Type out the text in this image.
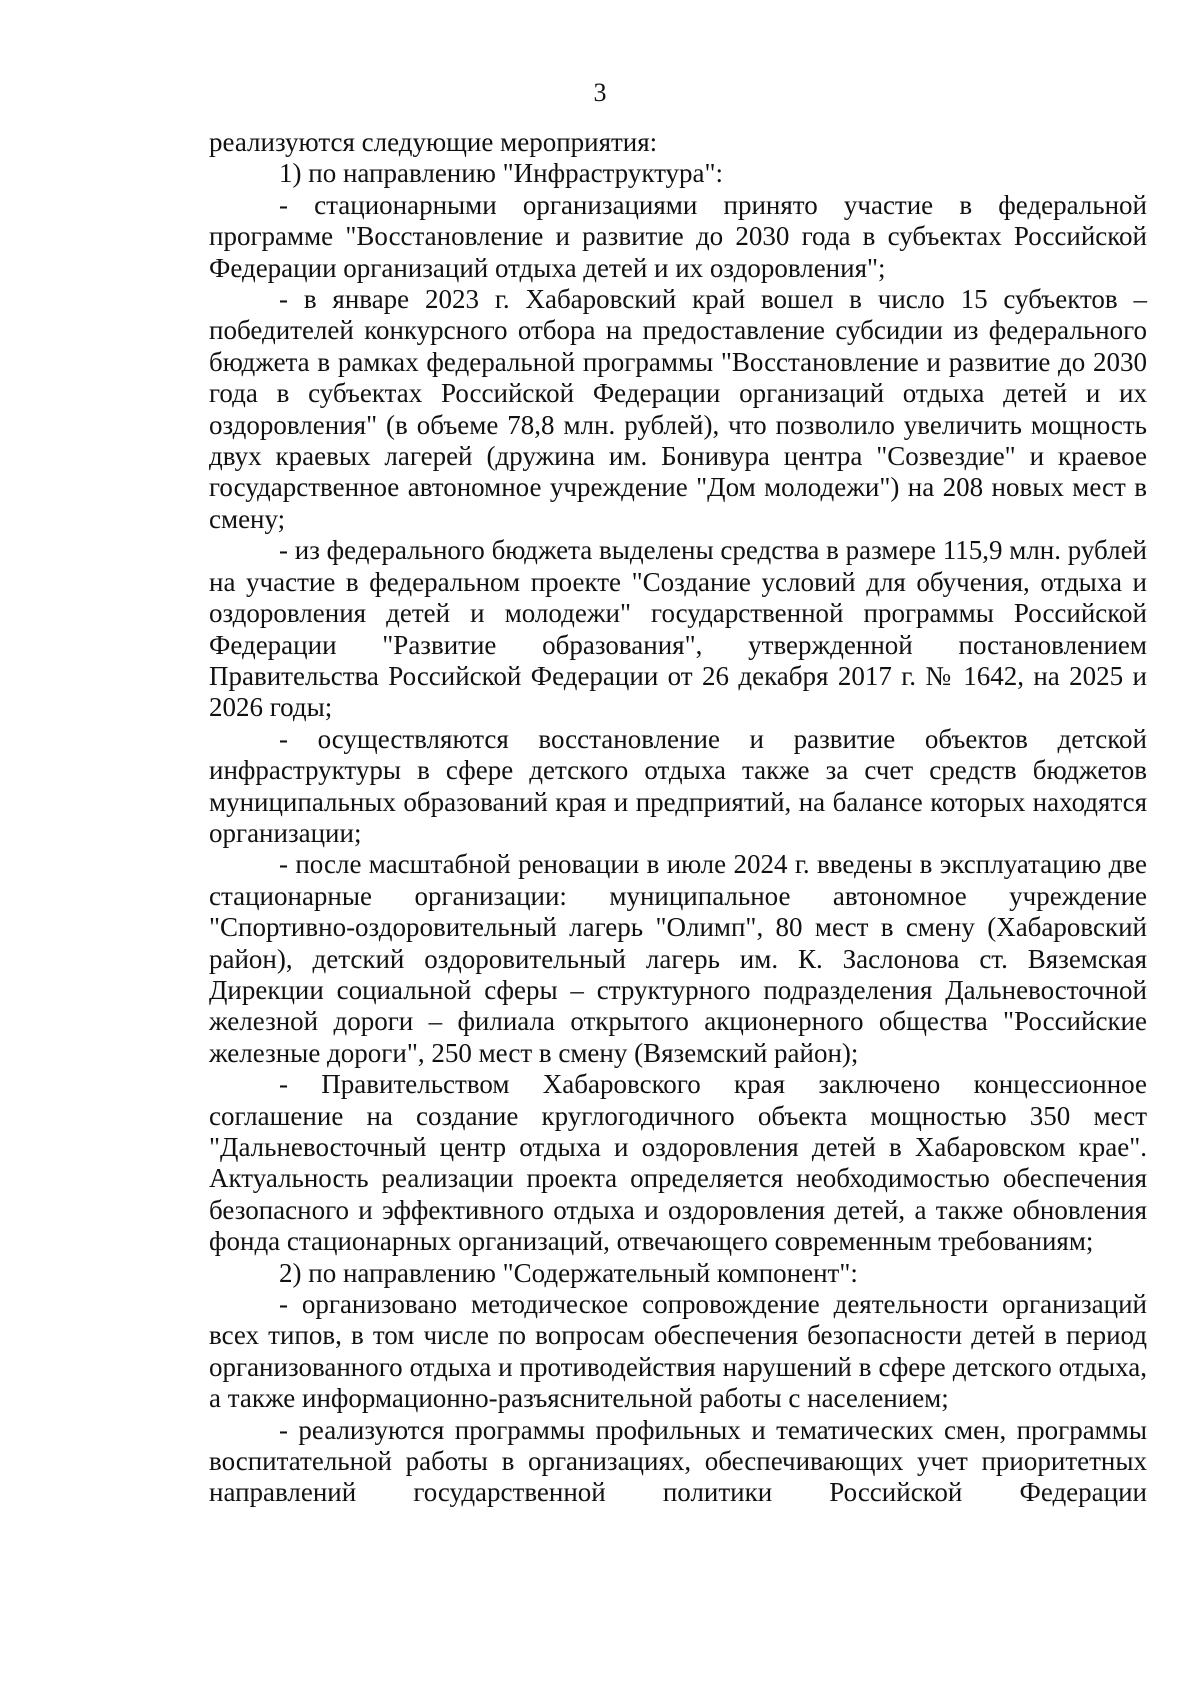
3

реализуются следующие мероприятия:

1) по направлению "Инфраструктура":

- стационарными организациями принято участие в федеральной программе "Восстановление и развитие до 2030 года в субъектах Российской Федерации организаций отдыха детей и их оздоровления";

- в январе 2023 г. Хабаровский край вошел в число 15 субъектов – победителей конкурсного отбора на предоставление субсидии из федерального бюджета в рамках федеральной программы "Восстановление и развитие до 2030 года в субъектах Российской Федерации организаций отдыха детей и их оздоровления" (в объеме 78,8 млн. рублей), что позволило увеличить мощность двух краевых лагерей (дружина им. Бонивура центра "Созвездие" и краевое государственное автономное учреждение "Дом молодежи") на 208 новых мест в смену;

- из федерального бюджета выделены средства в размере 115,9 млн. рублей на участие в федеральном проекте "Создание условий для обучения, отдыха и оздоровления детей и молодежи" государственной программы Российской Федерации "Развитие образования", утвержденной постановлением Правительства Российской Федерации от 26 декабря 2017 г. № 1642, на 2025 и 2026 годы;

- осуществляются восстановление и развитие объектов детской инфраструктуры в сфере детского отдыха также за счет средств бюджетов муниципальных образований края и предприятий, на балансе которых находятся организации;

- после масштабной реновации в июле 2024 г. введены в эксплуатацию две стационарные организации: муниципальное автономное учреждение "Спортивно-оздоровительный лагерь "Олимп", 80 мест в смену (Хабаровский район), детский оздоровительный лагерь им. К. Заслонова ст. Вяземская Дирекции социальной сферы – структурного подразделения Дальневосточной железной дороги – филиала открытого акционерного общества "Российские железные дороги", 250 мест в смену (Вяземский район);

- Правительством Хабаровского края заключено концессионное соглашение на создание круглогодичного объекта мощностью 350 мест "Дальневосточный центр отдыха и оздоровления детей в Хабаровском крае". Актуальность реализации проекта определяется необходимостью обеспечения безопасного и эффективного отдыха и оздоровления детей, а также обновления фонда стационарных организаций, отвечающего современным требованиям;

2) по направлению "Содержательный компонент":

- организовано методическое сопровождение деятельности организаций всех типов, в том числе по вопросам обеспечения безопасности детей в период организованного отдыха и противодействия нарушений в сфере детского отдыха, а также информационно-разъяснительной работы с населением;

- реализуются программы профильных и тематических смен, программы воспитательной работы в организациях, обеспечивающих учет приоритетных направлений государственной политики Российской Федерации
